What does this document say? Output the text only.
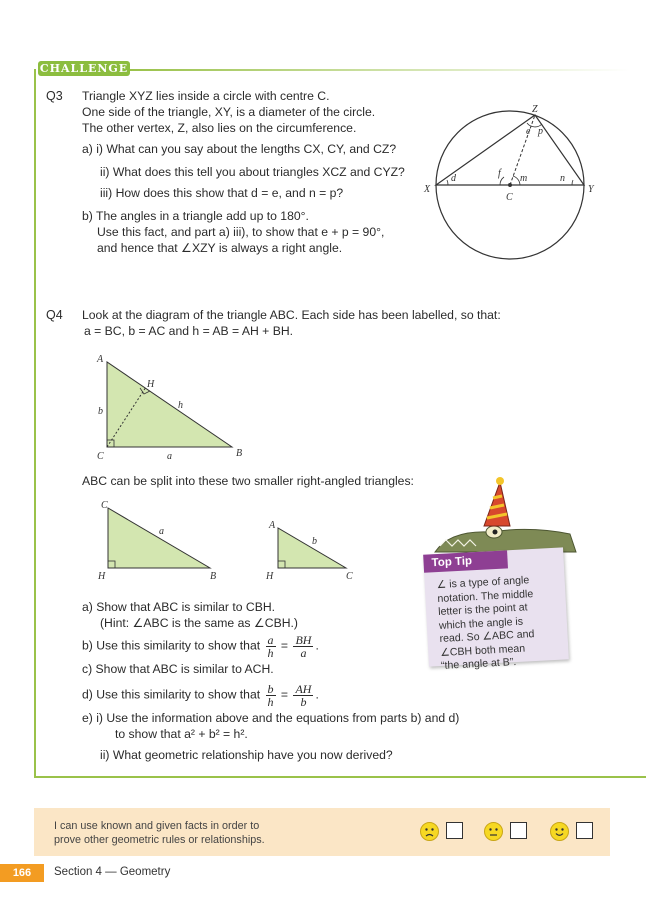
CHALLENGE
Q3 Triangle XYZ lies inside a circle with centre C.
One side of the triangle, XY, is a diameter of the circle.
The other vertex, Z, also lies on the circumference.
a) i) What can you say about the lengths CX, CY, and CZ?
ii) What does this tell you about triangles XCZ and CYZ?
iii) How does this show that d = e, and n = p?
b) The angles in a triangle add up to 180°.
Use this fact, and part a) iii), to show that e + p = 90°,
and hence that ∠XZY is always a right angle.
X	Y
Z
C
d
e p
f m	n
Q4 Look at the diagram of the triangle ABC. Each side has been labelled, so that:
a = BC, b = AC and h = AB = AH + BH.
A
C	B
H
b
h
a
ABC can be split into these two smaller right-angled triangles:
C
H	B
a
A
H	C
b
a) Show that ABC is similar to CBH.
(Hint: ∠ABC is the same as ∠CBH.)
b) Use this similarity to show that $\frac{a}{h} = \frac{BH}{a}$ .
c) Show that ABC is similar to ACH.
d) Use this similarity to show that $\frac{b}{h} = \frac{AH}{b}$ .
e) i) Use the information above and the equations from parts b) and d)
to show that a² + b² = h².
ii) What geometric relationship have you now derived?
Top Tip
∠ is a type of angle
notation. The middle
letter is the point at
which the angle is
read. So ∠ABC and
∠CBH both mean
“the angle at B”.
I can use known and given facts in order to
prove other geometric rules or relationships.
166	Section 4 — Geometry
